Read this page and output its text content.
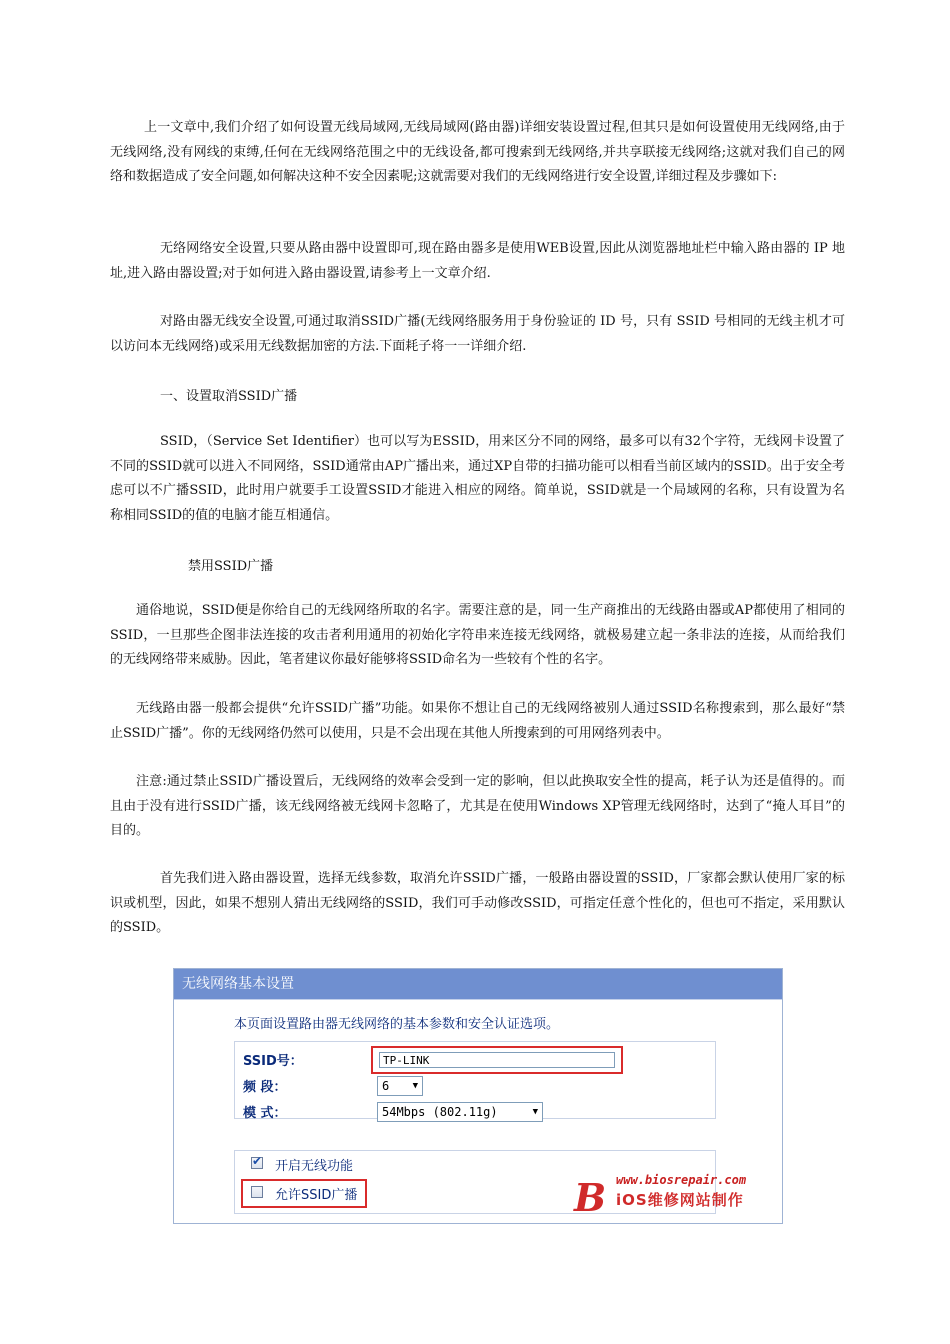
上一文章中,我们介绍了如何设置无线局域网,无线局域网(路由器)详细安装设置过程,但其只是如何设置使用无线网络,由于无线网络,没有网线的束缚,任何在无线网络范围之中的无线设备,都可搜索到无线网络,并共享联接无线网络;这就对我们自己的网络和数据造成了安全问题,如何解决这种不安全因素呢;这就需要对我们的无线网络进行安全设置,详细过程及步骤如下:

无络网络安全设置,只要从路由器中设置即可,现在路由器多是使用WEB设置,因此从浏览器地址栏中输入路由器的 IP 地址,进入路由器设置;对于如何进入路由器设置,请参考上一文章介绍.

对路由器无线安全设置,可通过取消SSID广播(无线网络服务用于身份验证的 ID 号，只有 SSID 号相同的无线主机才可以访问本无线网络)或采用无线数据加密的方法.下面耗子将一一详细介绍.

一、设置取消SSID广播

SSID，（Service Set Identifier）也可以写为ESSID，用来区分不同的网络，最多可以有32个字符，无线网卡设置了不同的SSID就可以进入不同网络，SSID通常由AP广播出来，通过XP自带的扫描功能可以相看当前区域内的SSID。出于安全考虑可以不广播SSID，此时用户就要手工设置SSID才能进入相应的网络。简单说，SSID就是一个局域网的名称，只有设置为名称相同SSID的值的电脑才能互相通信。

禁用SSID广播

通俗地说，SSID便是你给自己的无线网络所取的名字。需要注意的是，同一生产商推出的无线路由器或AP都使用了相同的SSID，一旦那些企图非法连接的攻击者利用通用的初始化字符串来连接无线网络，就极易建立起一条非法的连接，从而给我们的无线网络带来威胁。因此，笔者建议你最好能够将SSID命名为一些较有个性的名字。

无线路由器一般都会提供“允许SSID广播”功能。如果你不想让自己的无线网络被别人通过SSID名称搜索到，那么最好“禁止SSID广播”。你的无线网络仍然可以使用，只是不会出现在其他人所搜索到的可用网络列表中。

注意:通过禁止SSID广播设置后，无线网络的效率会受到一定的影响，但以此换取安全性的提高，耗子认为还是值得的。而且由于没有进行SSID广播，该无线网络被无线网卡忽略了，尤其是在使用Windows XP管理无线网络时，达到了“掩人耳目”的目的。

首先我们进入路由器设置，选择无线参数，取消允许SSID广播，一般路由器设置的SSID，厂家都会默认使用厂家的标识或机型，因此，如果不想别人猜出无线网络的SSID，我们可手动修改SSID，可指定任意个性化的，但也可不指定，采用默认的SSID。

无线网络基本设置
本页面设置路由器无线网络的基本参数和安全认证选项。
SSID号：	TP-LINK
频 段：	6	▼
模 式：	54Mbps (802.11g)	▼
✔ 开启无线功能
允许SSID广播	B www.biosrepair.com
iOS维修网站制作
